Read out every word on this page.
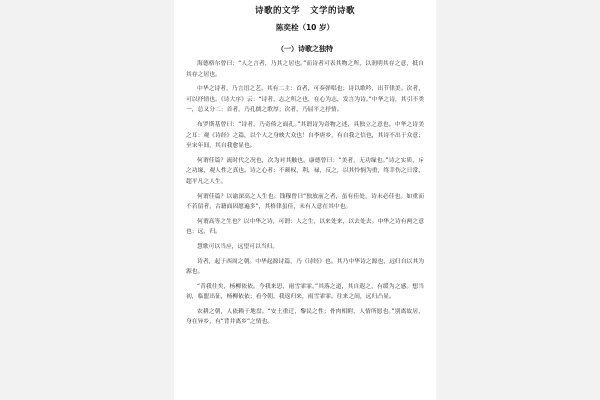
诗歌的文学 文学的诗歌
陈奕栓（10 岁）
（一）诗歌之独特
海德格尔曾曰：“人之言者，乃其之居也。”而诗者可表其物之所，以润明其存之意，抵自其存之居也。
中华之诗者，乃言语之艺。其有二主：首者，可奏弹唱也；诗以歌吟，出节律美。次者，可以抒情也。《诗大序》云：“诗者，志之所之也，在心为志，发言为诗。”中华之诗，其引不类一，总又分二：首者，乃孔儒之歌厚；次者，乃屈平之抒情。
布罗斯基曾曰：“诗者，乃奇倚之面孔。”其谓诗为奇物之述，具独立之意也。中华之诗美之耳：观《诗经》之篇，以个人之身映大众也！自李唐乡，有自我之信也，其诗不出于众意；至宋年间，其自我愈显也。
何谓佳篇？流时代之况也，次为对其触也。康德曾曰：“美者，无功缘也。”诗之实质，斥之功缘，观人性之真也。诗之心者：不颜权，利，禄，反之，以其怜悯为重，终幸伤之日常，超平凡之人生。
何谓佳篇？以谕深高之人生也。钱穆曾曰“独放前之者，虽有佳处，诗未必佳也。如重而不若留者，古籍面因愿遍多”，其格律虽佳，未有人意在其中也。
何谓高等之生也？以中华之诗，可谓：人之生，以来处来，以去处去。中华之诗有两之意也：远，归。
慧歌可以当应，远望可以当归。
诗者，起于西周之朝。中华起源诗篇，乃《诗经》也。其乃中华诗之源也，远归自以其为源也。
“昔我往矣，杨柳依依。今我来思，雨雪霏霏。”其落之道，其自遐之，有缓为之感。想当初，临盟出征，杨柳依依；看今朝，我返归来，雨雪霏霏。往来之间，远归凸显。
农耕之朝，人依赖于地盘。“安土重迁，黎民之性；骨肉相附，人情所愿也。”别离故居，身在异乡，有“背井离乡”之情也。
